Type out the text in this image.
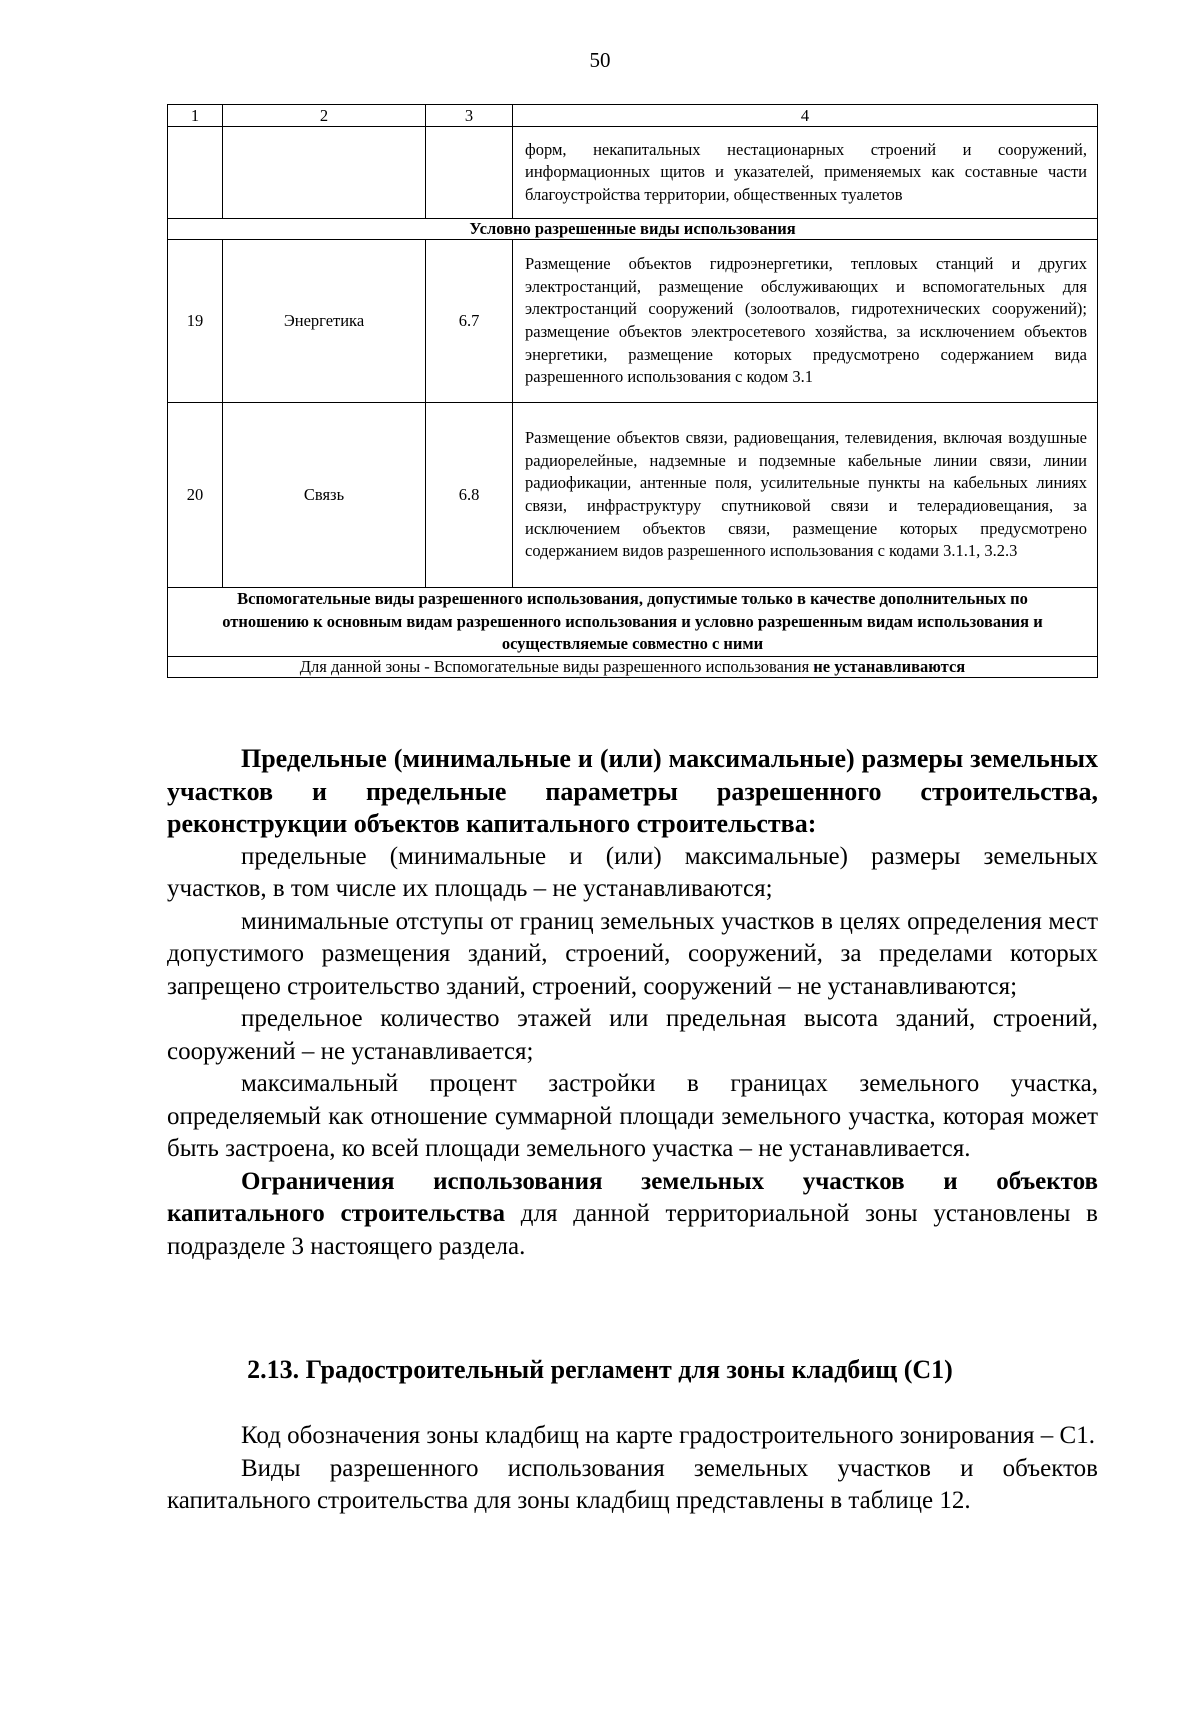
50
1	2	3	4
			форм, некапитальных нестационарных строений и сооружений, информационных щитов и указателей, применяемых как составные части благоустройства территории, общественных туалетов
Условно разрешенные виды использования			
19	Энергетика	6.7	Размещение объектов гидроэнергетики, тепловых станций и других электростанций, размещение обслуживающих и вспомогательных для электростанций сооружений (золоотвалов, гидротехнических сооружений); размещение объектов электросетевого хозяйства, за исключением объектов энергетики, размещение которых предусмотрено содержанием вида разрешенного использования с кодом 3.1
20	Связь	6.8	Размещение объектов связи, радиовещания, телевидения, включая воздушные радиорелейные, надземные и подземные кабельные линии связи, линии радиофикации, антенные поля, усилительные пункты на кабельных линиях связи, инфраструктуру спутниковой связи и телерадиовещания, за исключением объектов связи, размещение которых предусмотрено содержанием видов разрешенного использования с кодами 3.1.1, 3.2.3
Вспомогательные виды разрешенного использования, допустимые только в качестве дополнительных по отношению к основным видам разрешенного использования и условно разрешенным видам использования и осуществляемые совместно с ними			
Для данной зоны - Вспомогательные виды разрешенного использования не устанавливаются			

Предельные (минимальные и (или) максимальные) размеры земельных участков и предельные параметры разрешенного строительства, реконструкции объектов капитального строительства:

предельные (минимальные и (или) максимальные) размеры земельных участков, в том числе их площадь – не устанавливаются;

минимальные отступы от границ земельных участков в целях определения мест допустимого размещения зданий, строений, сооружений, за пределами которых запрещено строительство зданий, строений, сооружений – не устанавливаются;

предельное количество этажей или предельная высота зданий, строений, сооружений – не устанавливается;

максимальный процент застройки в границах земельного участка, определяемый как отношение суммарной площади земельного участка, которая может быть застроена, ко всей площади земельного участка – не устанавливается.

Ограничения использования земельных участков и объектов капитального строительства для данной территориальной зоны установлены в подразделе 3 настоящего раздела.

2.13. Градостроительный регламент для зоны кладбищ (С1)

Код обозначения зоны кладбищ на карте градостроительного зонирования – С1.

Виды разрешенного использования земельных участков и объектов капитального строительства для зоны кладбищ представлены в таблице 12.
